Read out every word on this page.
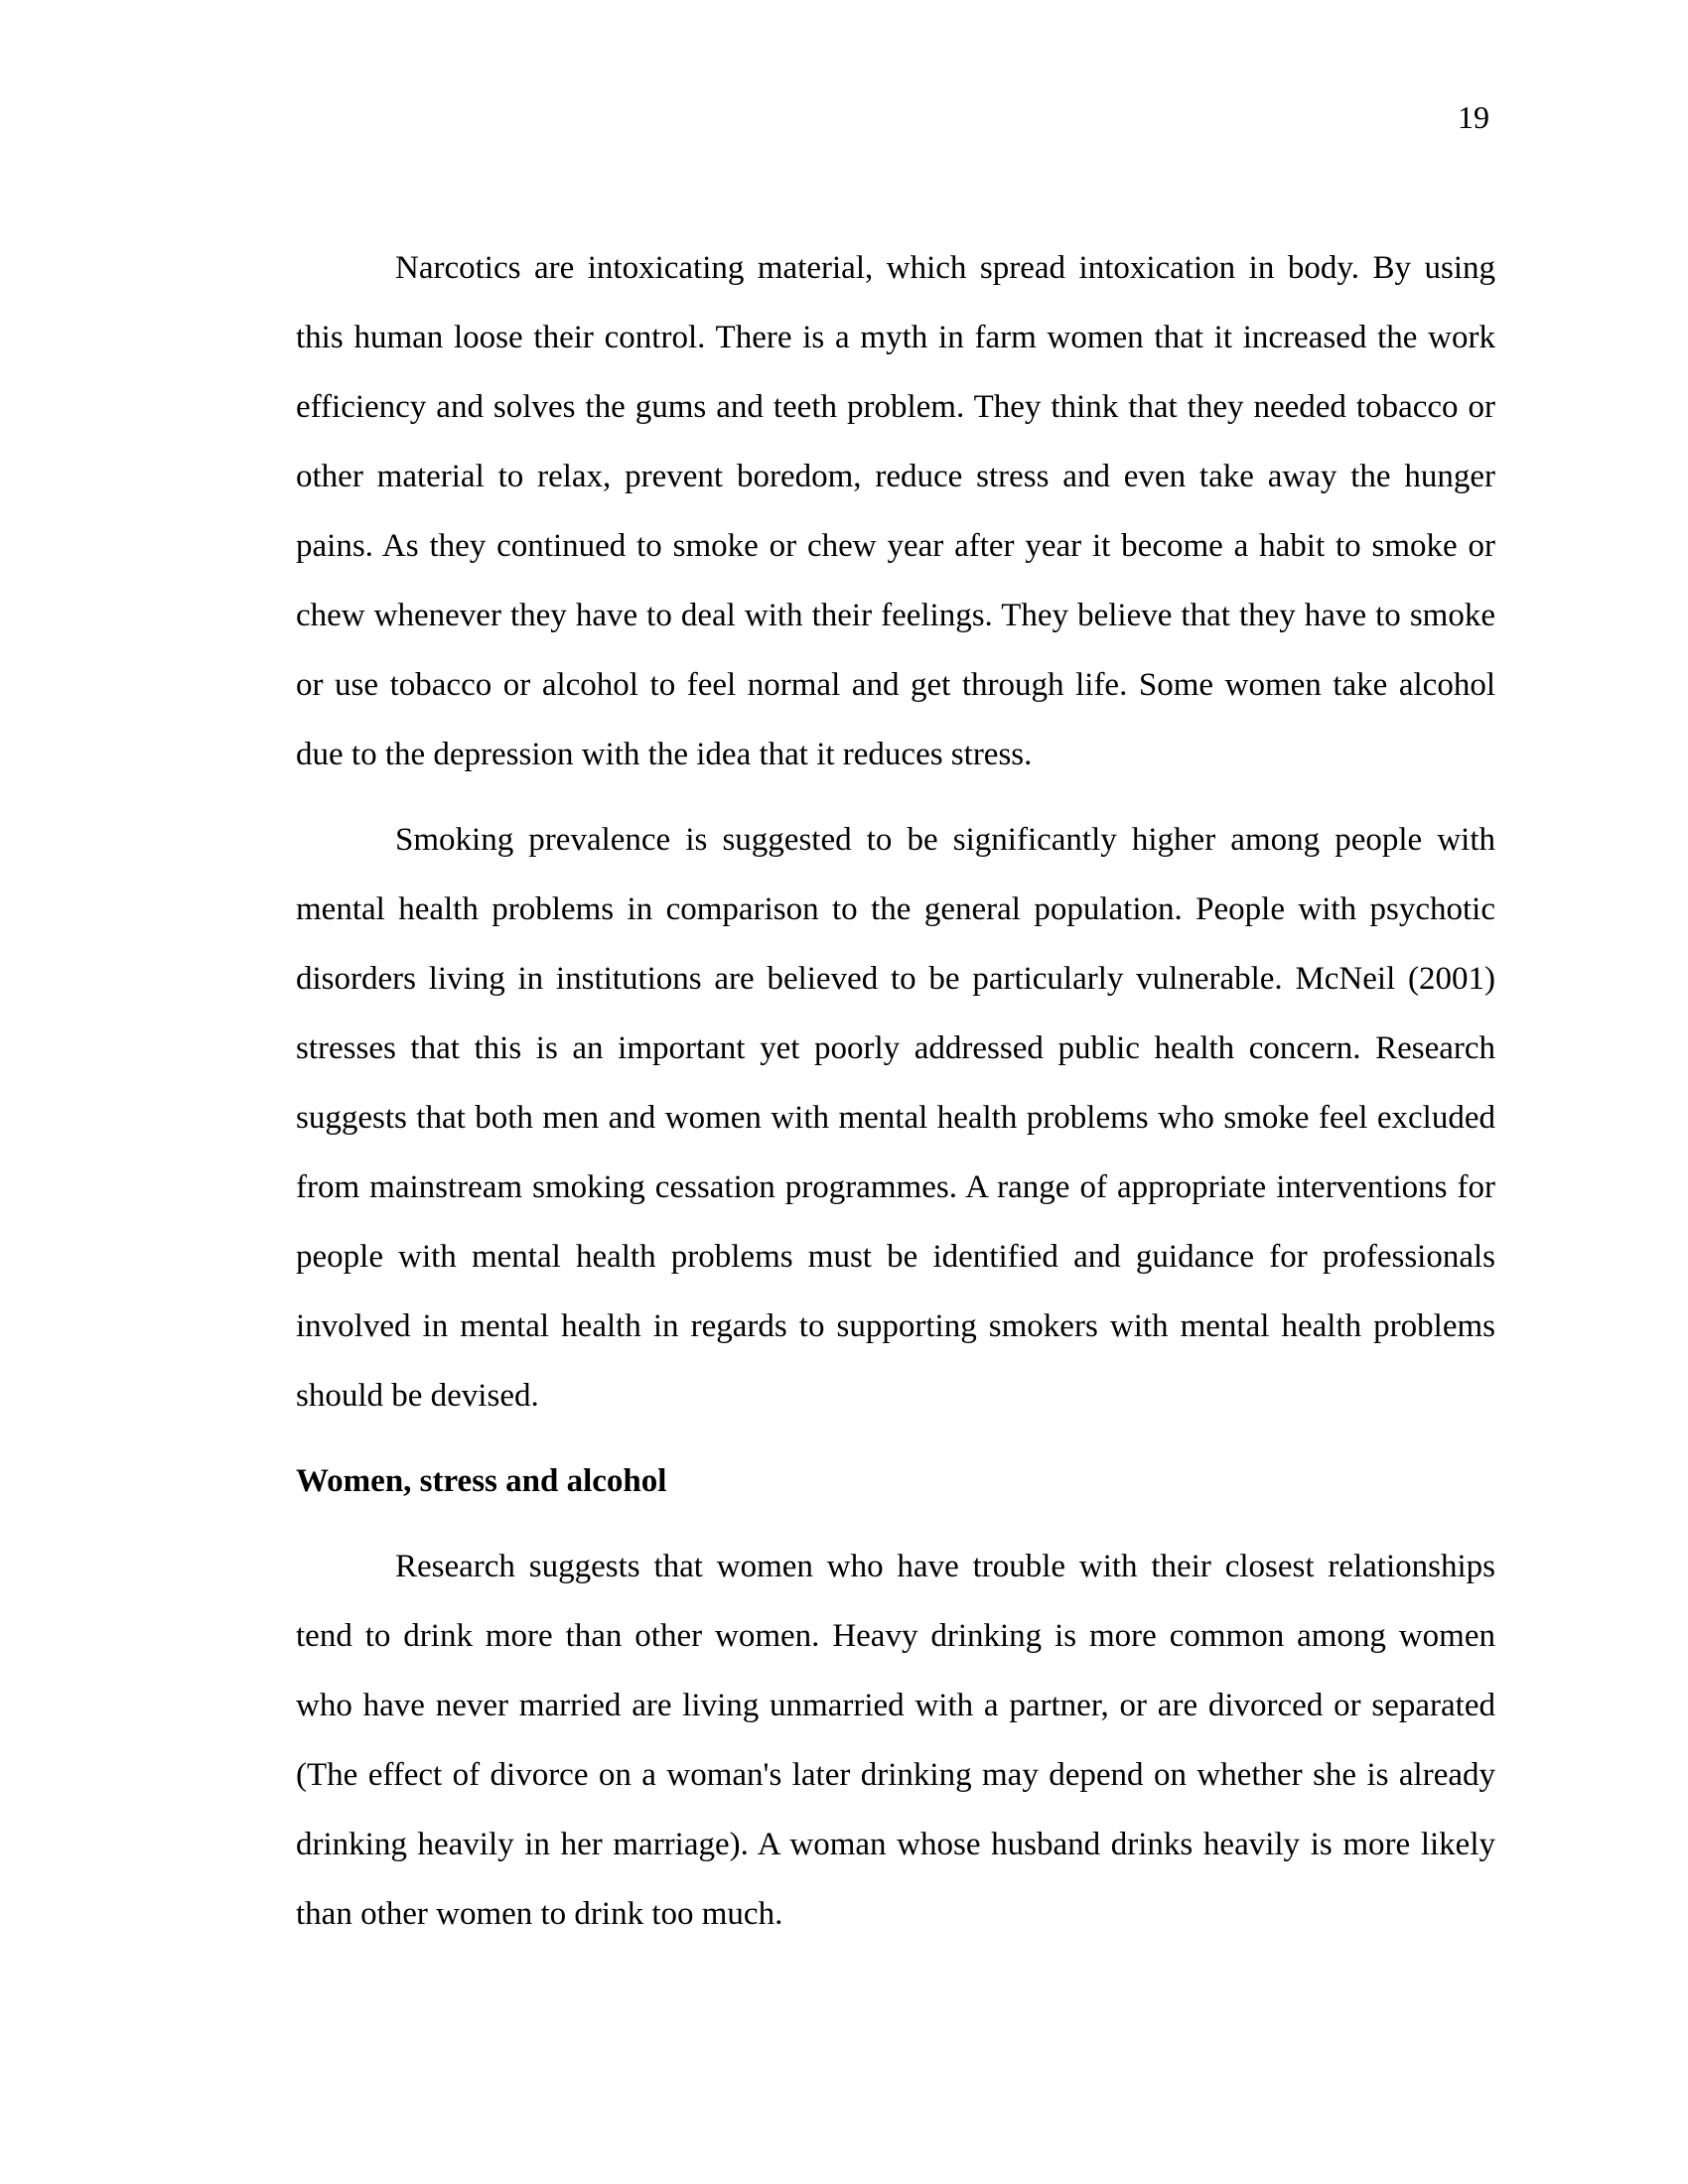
19

Narcotics are intoxicating material, which spread intoxication in body. By using this human loose their control. There is a myth in farm women that it increased the work efficiency and solves the gums and teeth problem. They think that they needed tobacco or other material to relax, prevent boredom, reduce stress and even take away the hunger pains. As they continued to smoke or chew year after year it become a habit to smoke or chew whenever they have to deal with their feelings. They believe that they have to smoke or use tobacco or alcohol to feel normal and get through life. Some women take alcohol due to the depression with the idea that it reduces stress.

Smoking prevalence is suggested to be significantly higher among people with mental health problems in comparison to the general population. People with psychotic disorders living in institutions are believed to be particularly vulnerable. McNeil (2001) stresses that this is an important yet poorly addressed public health concern. Research suggests that both men and women with mental health problems who smoke feel excluded from mainstream smoking cessation programmes. A range of appropriate interventions for people with mental health problems must be identified and guidance for professionals involved in mental health in regards to supporting smokers with mental health problems should be devised.

Women, stress and alcohol

Research suggests that women who have trouble with their closest relationships tend to drink more than other women. Heavy drinking is more common among women who have never married are living unmarried with a partner, or are divorced or separated (The effect of divorce on a woman's later drinking may depend on whether she is already drinking heavily in her marriage). A woman whose husband drinks heavily is more likely than other women to drink too much.
